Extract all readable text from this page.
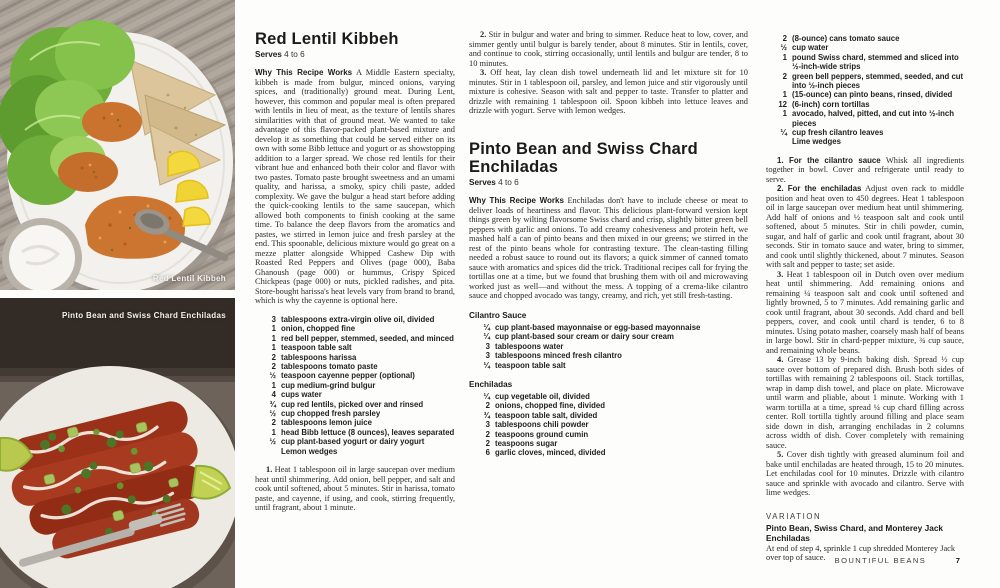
Red Lentil Kibbeh
Pinto Bean and Swiss Chard Enchiladas
Red Lentil Kibbeh

Serves 4 to 6

Why This Recipe Works A Middle Eastern specialty, kibbeh is made from bulgur, minced onions, varying spices, and (traditionally) ground meat. During Lent, however, this common and popular meal is often prepared with lentils in lieu of meat, as the texture of lentils shares similarities with that of ground meat. We wanted to take advantage of this flavor-packed plant-based mixture and develop it as something that could be served either on its own with some Bibb lettuce and yogurt or as showstopping addition to a larger spread. We chose red lentils for their vibrant hue and enhanced both their color and flavor with two pastes. Tomato paste brought sweetness and an umami quality, and harissa, a smoky, spicy chili paste, added complexity. We gave the bulgur a head start before adding the quick-cooking lentils to the same saucepan, which allowed both components to finish cooking at the same time. To balance the deep flavors from the aromatics and pastes, we stirred in lemon juice and fresh parsley at the end. This spoonable, delicious mixture would go great on a mezze platter alongside Whipped Cashew Dip with Roasted Red Peppers and Olives (page 000), Baba Ghanoush (page 000) or hummus, Crispy Spiced Chickpeas (page 000) or nuts, pickled radishes, and pita. Store-bought harissa's heat levels vary from brand to brand, which is why the cayenne is optional here.

3 tablespoons extra-virgin olive oil, divided
1 onion, chopped fine
1 red bell pepper, stemmed, seeded, and minced
1 teaspoon table salt
2 tablespoons harissa
2 tablespoons tomato paste
½ teaspoon cayenne pepper (optional)
1 cup medium-grind bulgur
4 cups water
¾ cup red lentils, picked over and rinsed
½ cup chopped fresh parsley
2 tablespoons lemon juice
1 head Bibb lettuce (8 ounces), leaves separated
½ cup plant-based yogurt or dairy yogurt
Lemon wedges

1. Heat 1 tablespoon oil in large saucepan over medium heat until shimmering. Add onion, bell pepper, and salt and cook until softened, about 5 minutes. Stir in harissa, tomato paste, and cayenne, if using, and cook, stirring frequently, until fragrant, about 1 minute.

2. Stir in bulgur and water and bring to simmer. Reduce heat to low, cover, and simmer gently until bulgur is barely tender, about 8 minutes. Stir in lentils, cover, and continue to cook, stirring occasionally, until lentils and bulgur are tender, 8 to 10 minutes.

3. Off heat, lay clean dish towel underneath lid and let mixture sit for 10 minutes. Stir in 1 tablespoon oil, parsley, and lemon juice and stir vigorously until mixture is cohesive. Season with salt and pepper to taste. Transfer to platter and drizzle with remaining 1 tablespoon oil. Spoon kibbeh into lettuce leaves and drizzle with yogurt. Serve with lemon wedges.

Pinto Bean and Swiss Chard Enchiladas

Serves 4 to 6

Why This Recipe Works Enchiladas don't have to include cheese or meat to deliver loads of heartiness and flavor. This delicious plant-forward version kept things green by wilting flavorsome Swiss chard and crisp, slightly bitter green bell peppers with garlic and onions. To add creamy cohesiveness and protein heft, we mashed half a can of pinto beans and then mixed in our greens; we stirred in the rest of the pinto beans whole for contrasting texture. The clean-tasting filling needed a robust sauce to round out its flavors; a quick simmer of canned tomato sauce with aromatics and spices did the trick. Traditional recipes call for frying the tortillas one at a time, but we found that brushing them with oil and microwaving worked just as well—and without the mess. A topping of a crema-like cilantro sauce and chopped avocado was tangy, creamy, and rich, yet still fresh-tasting.

Cilantro Sauce
¼ cup plant-based mayonnaise or egg-based mayonnaise
¼ cup plant-based sour cream or dairy sour cream
3 tablespoons water
3 tablespoons minced fresh cilantro
¼ teaspoon table salt
Enchiladas
¼ cup vegetable oil, divided
2 onions, chopped fine, divided
¾ teaspoon table salt, divided
3 tablespoons chili powder
2 teaspoons ground cumin
2 teaspoons sugar
6 garlic cloves, minced, divided
2 (8-ounce) cans tomato sauce
½ cup water
1 pound Swiss chard, stemmed and sliced into ½-inch-wide strips
2 green bell peppers, stemmed, seeded, and cut into ½-inch pieces
1 (15-ounce) can pinto beans, rinsed, divided
12 (6-inch) corn tortillas
1 avocado, halved, pitted, and cut into ½-inch pieces
¼ cup fresh cilantro leaves
Lime wedges

1. For the cilantro sauce Whisk all ingredients together in bowl. Cover and refrigerate until ready to serve.

2. For the enchiladas Adjust oven rack to middle position and heat oven to 450 degrees. Heat 1 tablespoon oil in large saucepan over medium heat until shimmering. Add half of onions and ½ teaspoon salt and cook until softened, about 5 minutes. Stir in chili powder, cumin, sugar, and half of garlic and cook until fragrant, about 30 seconds. Stir in tomato sauce and water, bring to simmer, and cook until slightly thickened, about 7 minutes. Season with salt and pepper to taste; set aside.

3. Heat 1 tablespoon oil in Dutch oven over medium heat until shimmering. Add remaining onions and remaining ¼ teaspoon salt and cook until softened and lightly browned, 5 to 7 minutes. Add remaining garlic and cook until fragrant, about 30 seconds. Add chard and bell peppers, cover, and cook until chard is tender, 6 to 8 minutes. Using potato masher, coarsely mash half of beans in large bowl. Stir in chard-pepper mixture, ¾ cup sauce, and remaining whole beans.

4. Grease 13 by 9-inch baking dish. Spread ½ cup sauce over bottom of prepared dish. Brush both sides of tortillas with remaining 2 tablespoons oil. Stack tortillas, wrap in damp dish towel, and place on plate. Microwave until warm and pliable, about 1 minute. Working with 1 warm tortilla at a time, spread ¼ cup chard filling across center. Roll tortilla tightly around filling and place seam side down in dish, arranging enchiladas in 2 columns across width of dish. Cover completely with remaining sauce.

5. Cover dish tightly with greased aluminum foil and bake until enchiladas are heated through, 15 to 20 minutes. Let enchiladas cool for 10 minutes. Drizzle with cilantro sauce and sprinkle with avocado and cilantro. Serve with lime wedges.

VARIATION
Pinto Bean, Swiss Chard, and Monterey Jack Enchiladas
At end of step 4, sprinkle 1 cup shredded Monterey Jack over top of sauce.	BOUNTIFUL BEANS	7
